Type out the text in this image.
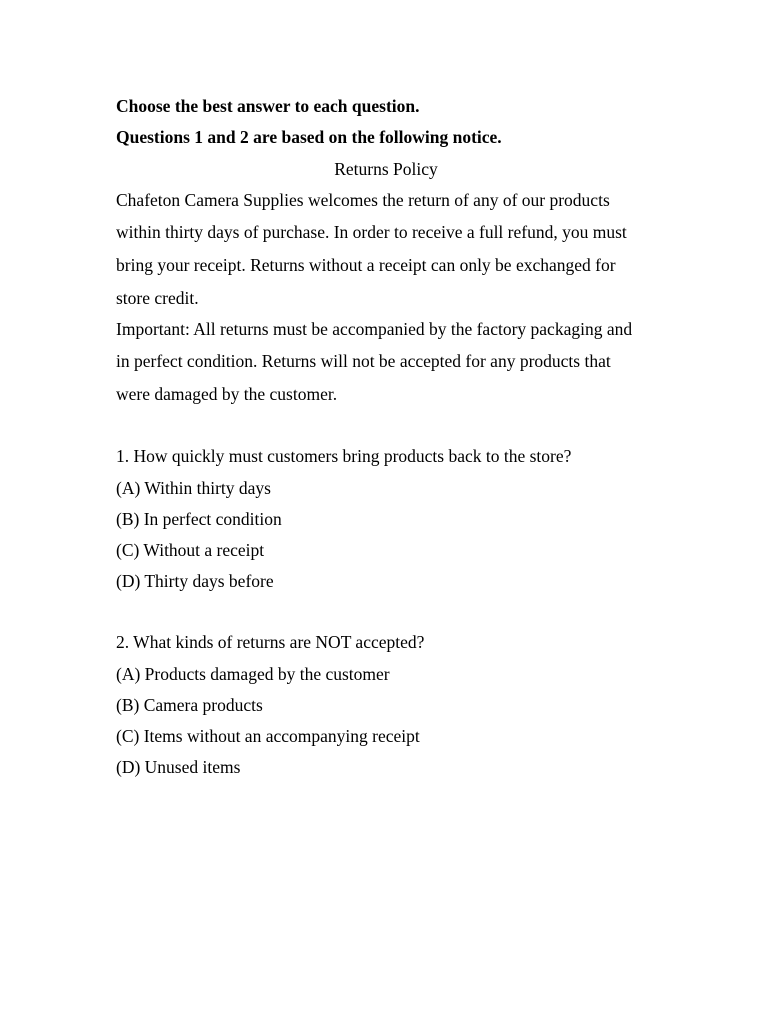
Choose the best answer to each question.
Questions 1 and 2 are based on the following notice.
Returns Policy
Chafeton Camera Supplies welcomes the return of any of our products
within thirty days of purchase. In order to receive a full refund, you must
bring your receipt. Returns without a receipt can only be exchanged for
store credit.
Important: All returns must be accompanied by the factory packaging and
in perfect condition. Returns will not be accepted for any products that
were damaged by the customer.
1. How quickly must customers bring products back to the store?
(A) Within thirty days
(B) In perfect condition
(C) Without a receipt
(D) Thirty days before
2. What kinds of returns are NOT accepted?
(A) Products damaged by the customer
(B) Camera products
(C) Items without an accompanying receipt
(D) Unused items
